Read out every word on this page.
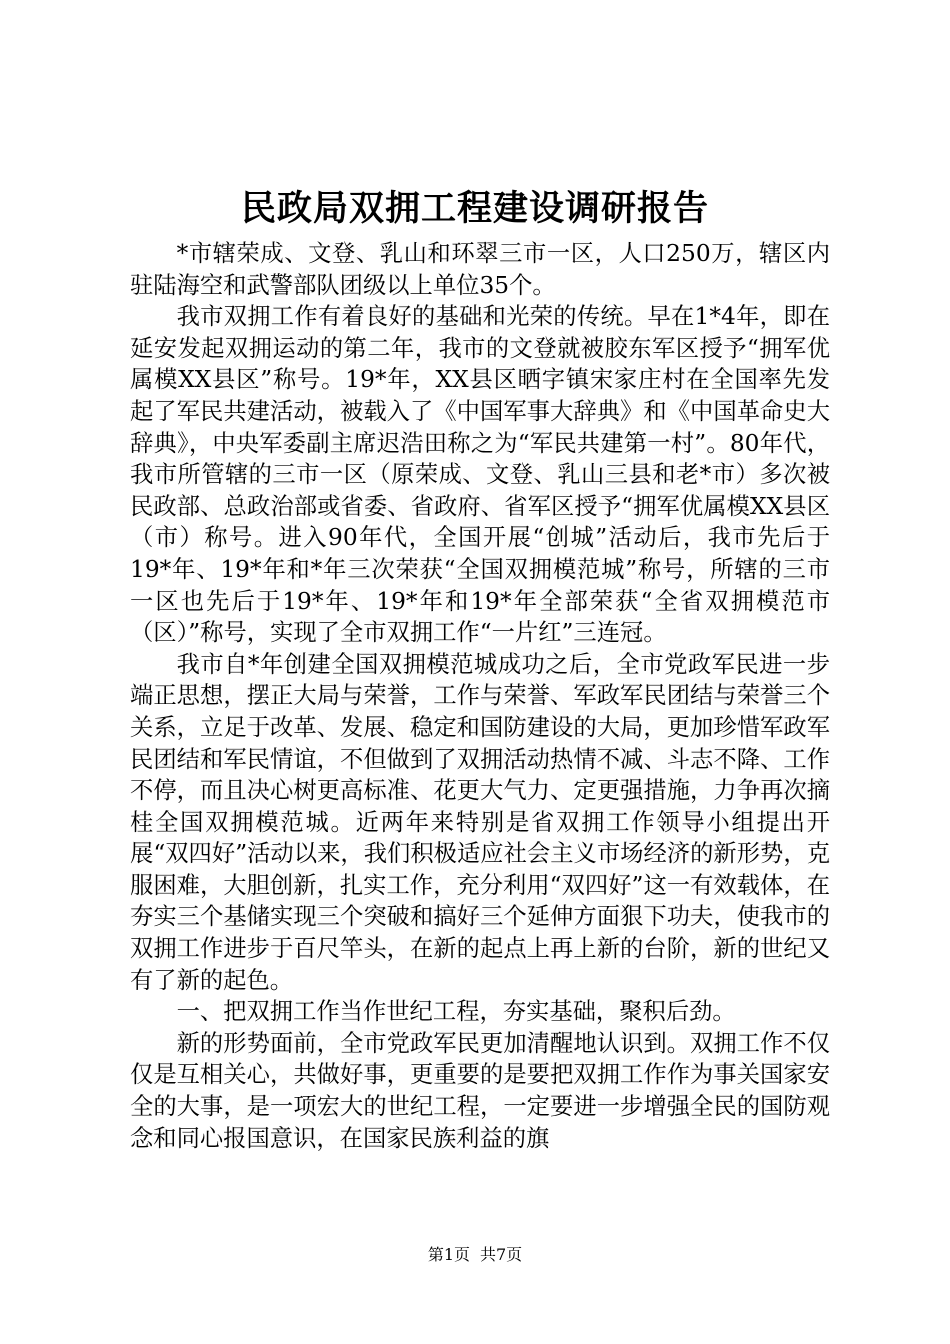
民政局双拥工程建设调研报告

*市辖荣成、文登、乳山和环翠三市一区，人口250万，辖区内驻陆海空和武警部队团级以上单位35个。

我市双拥工作有着良好的基础和光荣的传统。早在1*4年，即在延安发起双拥运动的第二年，我市的文登就被胶东军区授予“拥军优属模XX县区”称号。19*年，XX县区晒字镇宋家庄村在全国率先发起了军民共建活动，被载入了《中国军事大辞典》和《中国革命史大辞典》，中央军委副主席迟浩田称之为“军民共建第一村”。80年代，我市所管辖的三市一区（原荣成、文登、乳山三县和老*市）多次被民政部、总政治部或省委、省政府、省军区授予“拥军优属模XX县区（市）称号。进入90年代，全国开展“创城”活动后，我市先后于19*年、19*年和*年三次荣获“全国双拥模范城”称号，所辖的三市一区也先后于19*年、19*年和19*年全部荣获“全省双拥模范市（区）”称号，实现了全市双拥工作“一片红”三连冠。

我市自*年创建全国双拥模范城成功之后，全市党政军民进一步端正思想，摆正大局与荣誉，工作与荣誉、军政军民团结与荣誉三个关系，立足于改革、发展、稳定和国防建设的大局，更加珍惜军政军民团结和军民情谊，不但做到了双拥活动热情不减、斗志不降、工作不停，而且决心树更高标准、花更大气力、定更强措施，力争再次摘桂全国双拥模范城。近两年来特别是省双拥工作领导小组提出开展“双四好”活动以来，我们积极适应社会主义市场经济的新形势，克服困难，大胆创新，扎实工作，充分利用“双四好”这一有效载体，在夯实三个基储实现三个突破和搞好三个延伸方面狠下功夫，使我市的双拥工作进步于百尺竿头，在新的起点上再上新的台阶，新的世纪又有了新的起色。

一、把双拥工作当作世纪工程，夯实基础，聚积后劲。

新的形势面前，全市党政军民更加清醒地认识到。双拥工作不仅仅是互相关心，共做好事，更重要的是要把双拥工作作为事关国家安全的大事，是一项宏大的世纪工程，一定要进一步增强全民的国防观念和同心报国意识，在国家民族利益的旗

第1页 共7页
